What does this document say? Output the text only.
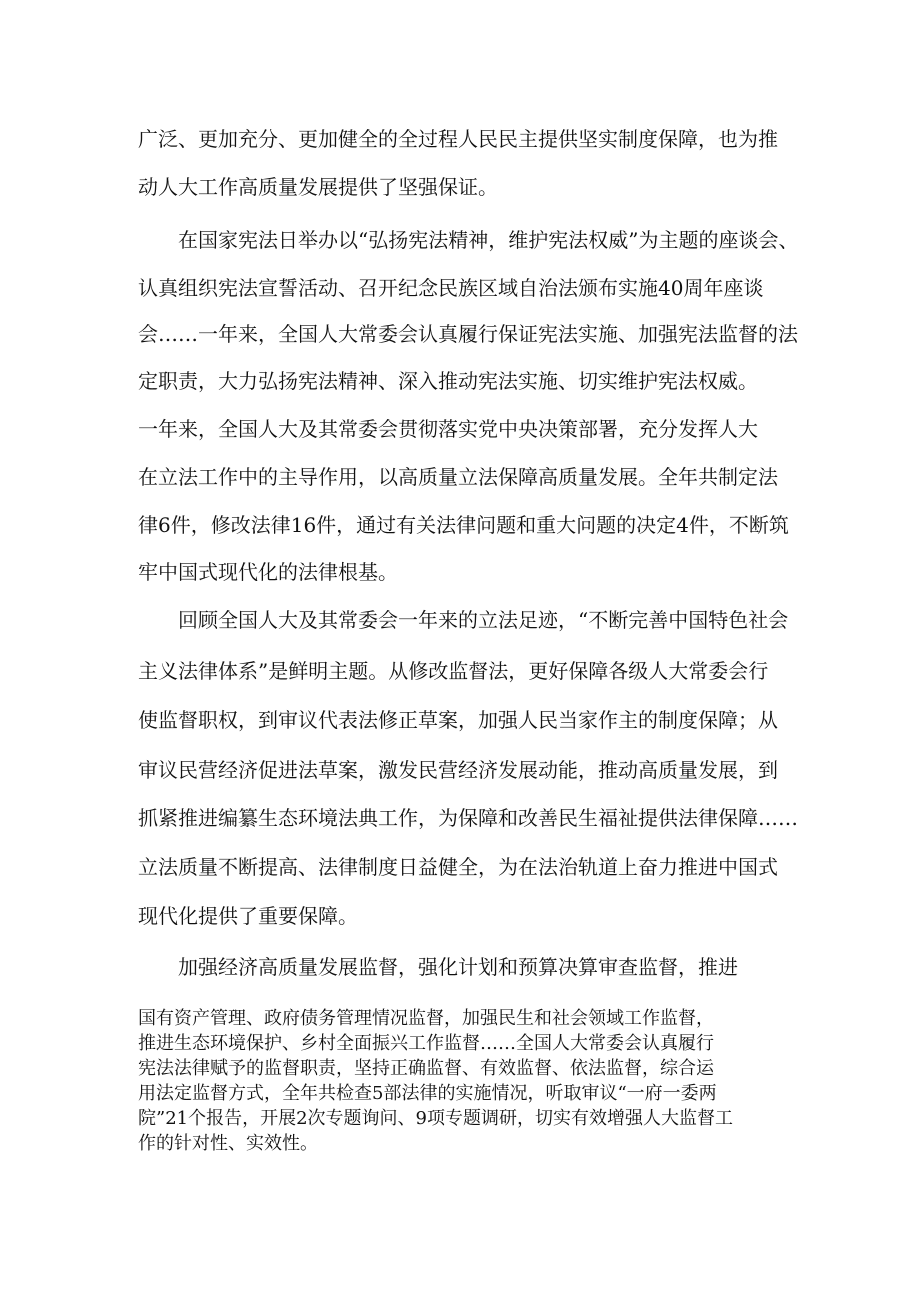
广泛、更加充分、更加健全的全过程人民民主提供坚实制度保障，也为推
动人大工作高质量发展提供了坚强保证。
　　在国家宪法日举办以“弘扬宪法精神，维护宪法权威”为主题的座谈会、
认真组织宪法宣誓活动、召开纪念民族区域自治法颁布实施40周年座谈
会……一年来，全国人大常委会认真履行保证宪法实施、加强宪法监督的法
定职责，大力弘扬宪法精神、深入推动宪法实施、切实维护宪法权威。
一年来，全国人大及其常委会贯彻落实党中央决策部署，充分发挥人大
在立法工作中的主导作用，以高质量立法保障高质量发展。全年共制定法
律6件，修改法律16件，通过有关法律问题和重大问题的决定4件，不断筑
牢中国式现代化的法律根基。
　　回顾全国人大及其常委会一年来的立法足迹，“不断完善中国特色社会
主义法律体系”是鲜明主题。从修改监督法，更好保障各级人大常委会行
使监督职权，到审议代表法修正草案，加强人民当家作主的制度保障；从
审议民营经济促进法草案，激发民营经济发展动能，推动高质量发展，到
抓紧推进编纂生态环境法典工作，为保障和改善民生福祉提供法律保障……
立法质量不断提高、法律制度日益健全，为在法治轨道上奋力推进中国式
现代化提供了重要保障。
　　加强经济高质量发展监督，强化计划和预算决算审查监督，推进
国有资产管理、政府债务管理情况监督，加强民生和社会领域工作监督，
推进生态环境保护、乡村全面振兴工作监督……全国人大常委会认真履行
宪法法律赋予的监督职责，坚持正确监督、有效监督、依法监督，综合运
用法定监督方式，全年共检查5部法律的实施情况，听取审议“一府一委两
院”21个报告，开展2次专题询问、9项专题调研，切实有效增强人大监督工
作的针对性、实效性。
